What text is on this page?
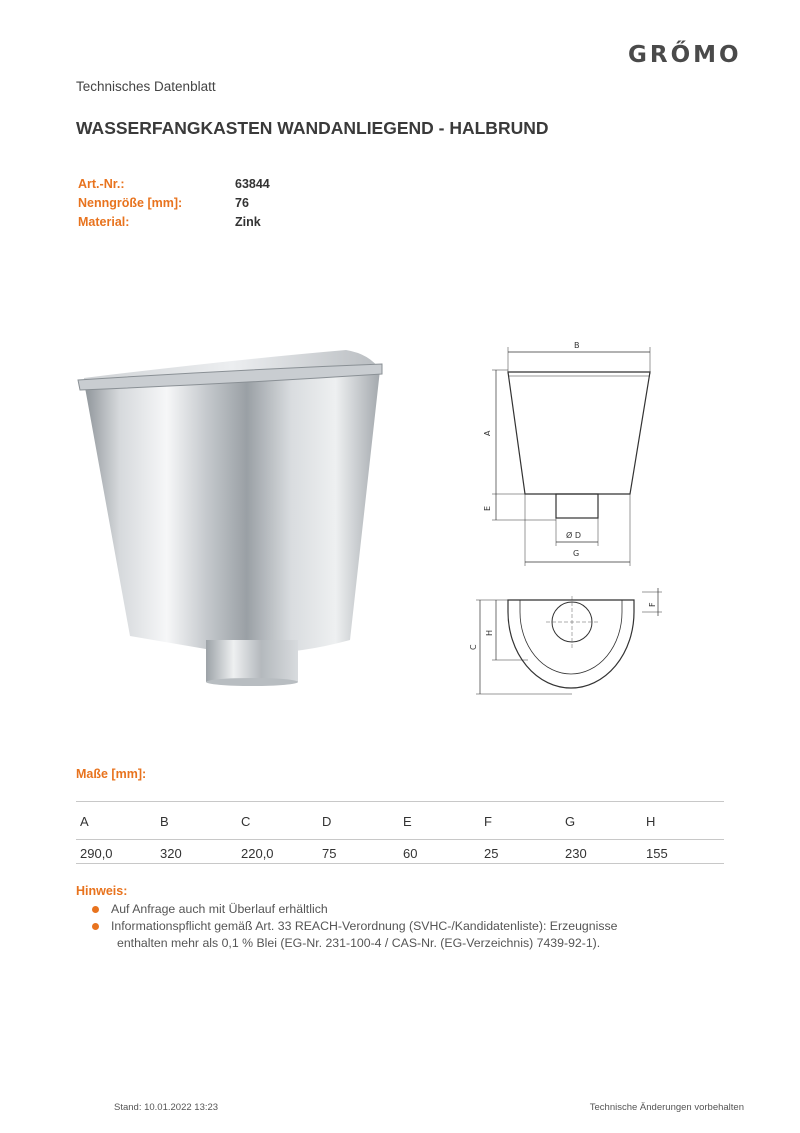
GRŐMO
Technisches Datenblatt
WASSERFANGKASTEN WANDANLIEGEND - HALBRUND
Art.-Nr.:	63844
Nenngröße [mm]:	76
Material:	Zink
B
A
E
Ø D
G
F
H
C
Maße [mm]:
A	B	C	D	E	F	G	H
290,0	320	220,0	75	60	25	230	155
Hinweis:
Auf Anfrage auch mit Überlauf erhältlich
Informationspflicht gemäß Art. 33 REACH-Verordnung (SVHC-/Kandidatenliste): Erzeugnisse
enthalten mehr als 0,1 % Blei (EG-Nr. 231-100-4 / CAS-Nr. (EG-Verzeichnis) 7439-92-1).
Stand: 10.01.2022 13:23	Technische Änderungen vorbehalten
